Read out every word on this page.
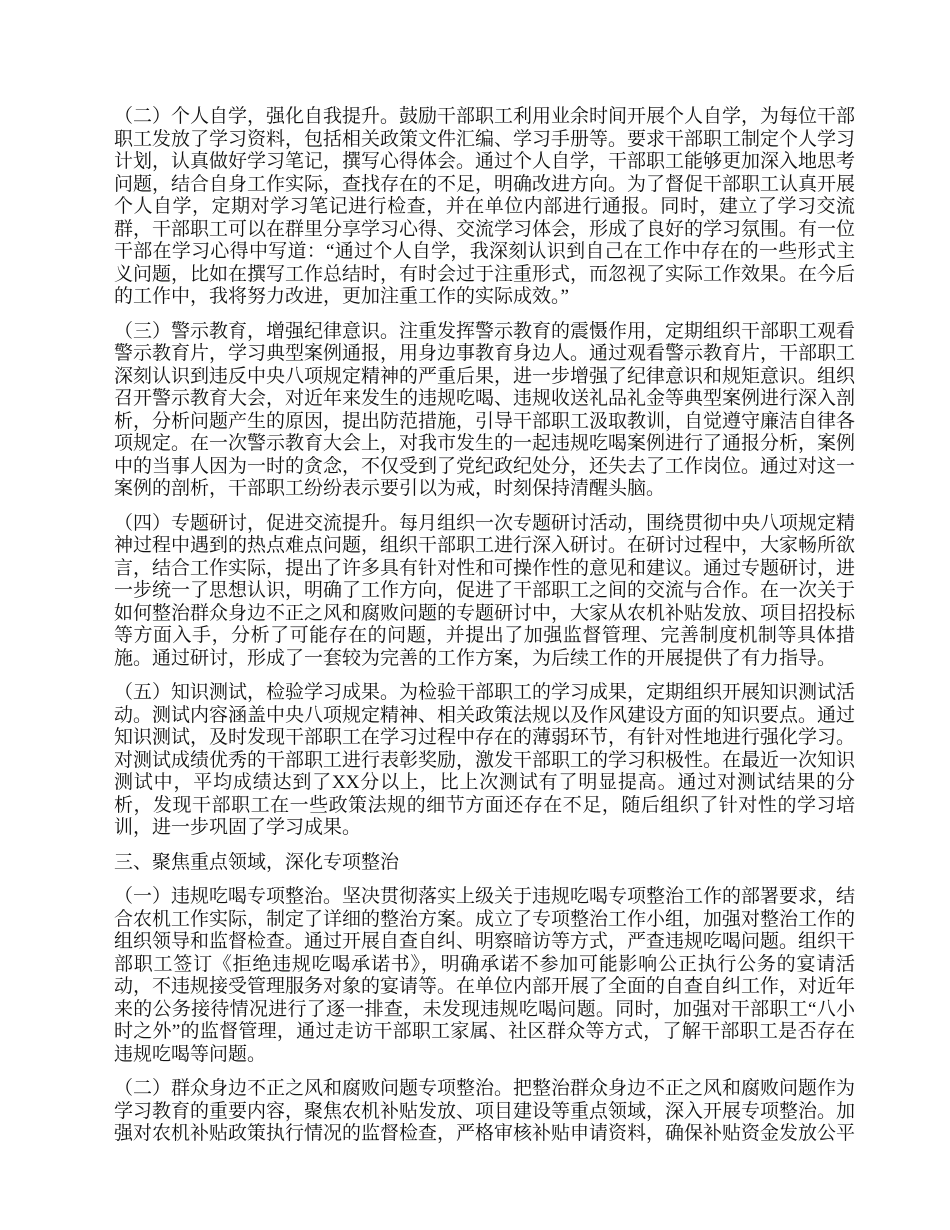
（二）个人自学，强化自我提升。鼓励干部职工利用业余时间开展个人自学，为每位干部职工发放了学习资料，包括相关政策文件汇编、学习手册等。要求干部职工制定个人学习计划，认真做好学习笔记，撰写心得体会。通过个人自学，干部职工能够更加深入地思考问题，结合自身工作实际，查找存在的不足，明确改进方向。为了督促干部职工认真开展个人自学，定期对学习笔记进行检查，并在单位内部进行通报。同时，建立了学习交流群，干部职工可以在群里分享学习心得、交流学习体会，形成了良好的学习氛围。有一位干部在学习心得中写道：“通过个人自学，我深刻认识到自己在工作中存在的一些形式主义问题，比如在撰写工作总结时，有时会过于注重形式，而忽视了实际工作效果。在今后的工作中，我将努力改进，更加注重工作的实际成效。”

（三）警示教育，增强纪律意识。注重发挥警示教育的震慑作用，定期组织干部职工观看警示教育片，学习典型案例通报，用身边事教育身边人。通过观看警示教育片，干部职工深刻认识到违反中央八项规定精神的严重后果，进一步增强了纪律意识和规矩意识。组织召开警示教育大会，对近年来发生的违规吃喝、违规收送礼品礼金等典型案例进行深入剖析，分析问题产生的原因，提出防范措施，引导干部职工汲取教训，自觉遵守廉洁自律各项规定。在一次警示教育大会上，对我市发生的一起违规吃喝案例进行了通报分析，案例中的当事人因为一时的贪念，不仅受到了党纪政纪处分，还失去了工作岗位。通过对这一案例的剖析，干部职工纷纷表示要引以为戒，时刻保持清醒头脑。

（四）专题研讨，促进交流提升。每月组织一次专题研讨活动，围绕贯彻中央八项规定精神过程中遇到的热点难点问题，组织干部职工进行深入研讨。在研讨过程中，大家畅所欲言，结合工作实际，提出了许多具有针对性和可操作性的意见和建议。通过专题研讨，进一步统一了思想认识，明确了工作方向，促进了干部职工之间的交流与合作。在一次关于如何整治群众身边不正之风和腐败问题的专题研讨中，大家从农机补贴发放、项目招投标等方面入手，分析了可能存在的问题，并提出了加强监督管理、完善制度机制等具体措施。通过研讨，形成了一套较为完善的工作方案，为后续工作的开展提供了有力指导。

（五）知识测试，检验学习成果。为检验干部职工的学习成果，定期组织开展知识测试活动。测试内容涵盖中央八项规定精神、相关政策法规以及作风建设方面的知识要点。通过知识测试，及时发现干部职工在学习过程中存在的薄弱环节，有针对性地进行强化学习。对测试成绩优秀的干部职工进行表彰奖励，激发干部职工的学习积极性。在最近一次知识测试中，平均成绩达到了XX分以上，比上次测试有了明显提高。通过对测试结果的分析，发现干部职工在一些政策法规的细节方面还存在不足，随后组织了针对性的学习培训，进一步巩固了学习成果。

三、聚焦重点领域，深化专项整治

（一）违规吃喝专项整治。坚决贯彻落实上级关于违规吃喝专项整治工作的部署要求，结合农机工作实际，制定了详细的整治方案。成立了专项整治工作小组，加强对整治工作的组织领导和监督检查。通过开展自查自纠、明察暗访等方式，严查违规吃喝问题。组织干部职工签订《拒绝违规吃喝承诺书》，明确承诺不参加可能影响公正执行公务的宴请活动，不违规接受管理服务对象的宴请等。在单位内部开展了全面的自查自纠工作，对近年来的公务接待情况进行了逐一排查，未发现违规吃喝问题。同时，加强对干部职工“八小时之外”的监督管理，通过走访干部职工家属、社区群众等方式，了解干部职工是否存在违规吃喝等问题。

（二）群众身边不正之风和腐败问题专项整治。把整治群众身边不正之风和腐败问题作为学习教育的重要内容，聚焦农机补贴发放、项目建设等重点领域，深入开展专项整治。加强对农机补贴政策执行情况的监督检查，严格审核补贴申请资料，确保补贴资金发放公平
